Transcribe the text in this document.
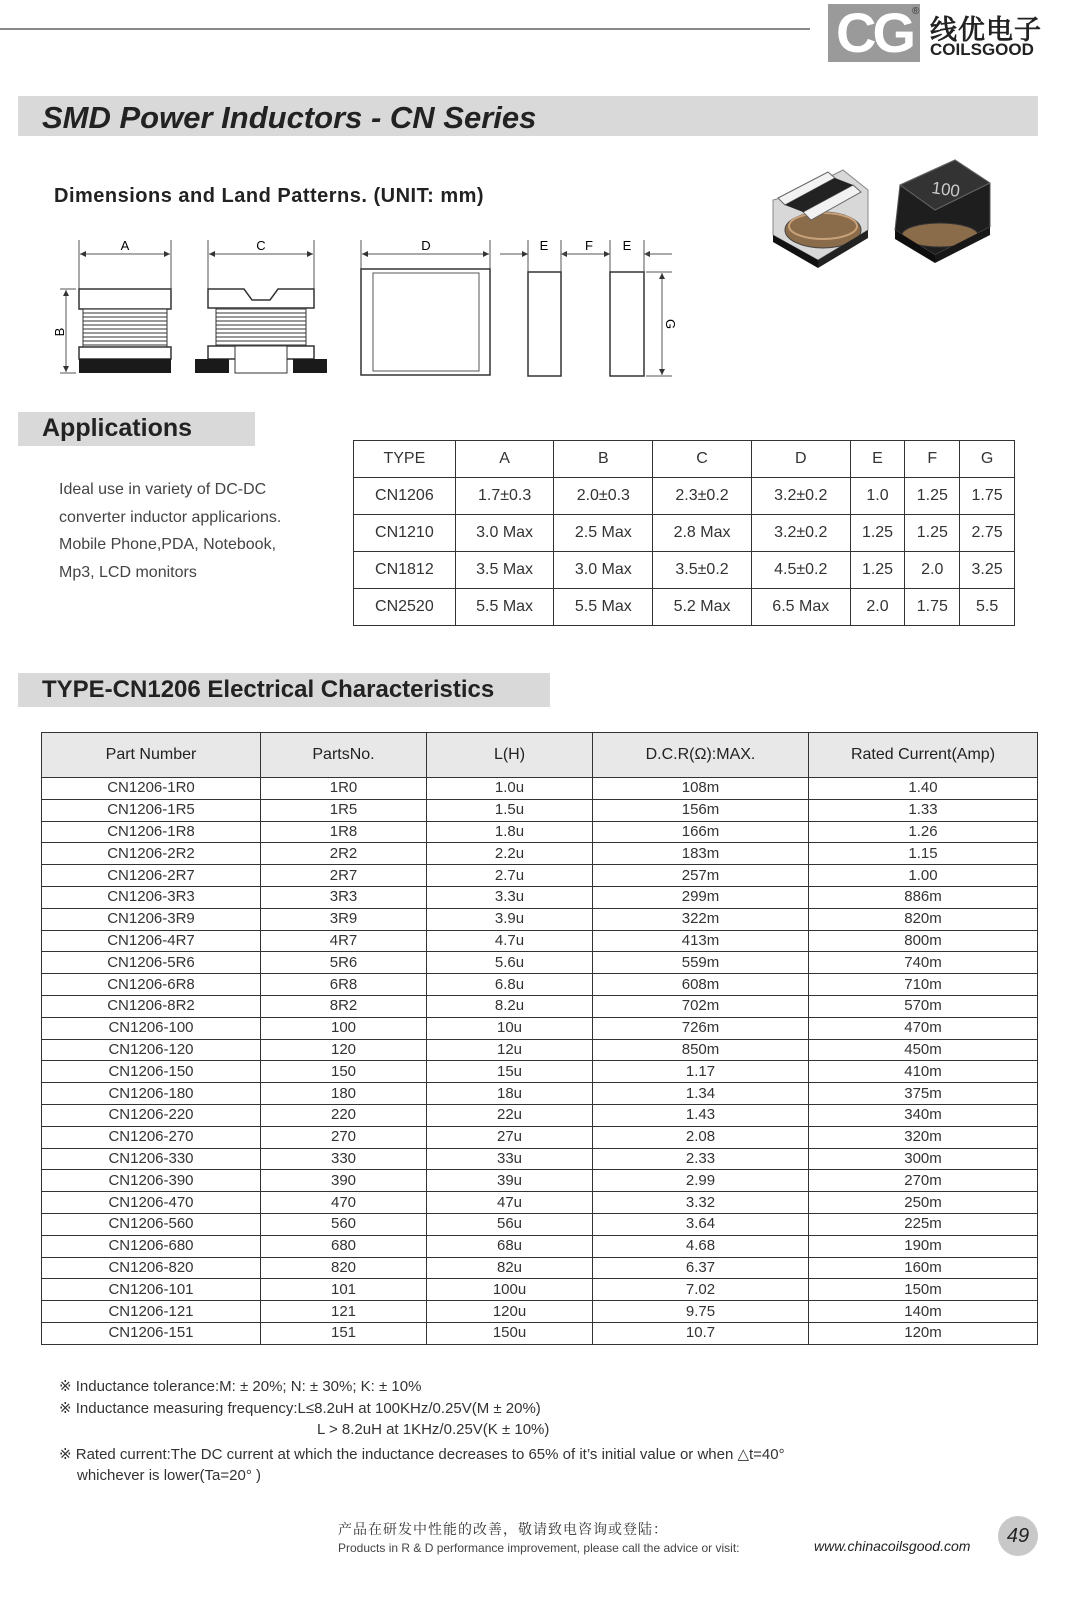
CG ®
线优电子
COILSGOOD
SMD Power Inductors - CN Series
Dimensions and Land Patterns. (UNIT: mm)
A	C	D	E	F E
B
G
100
Applications
Ideal use in variety of DC-DC
converter inductor applicarions.
Mobile Phone,PDA, Notebook,
Mp3, LCD monitors
TYPE	A	B	C	D	E	F	G
CN1206	1.7±0.3	2.0±0.3	2.3±0.2	3.2±0.2	1.0	1.25	1.75
CN1210	3.0 Max	2.5 Max	2.8 Max	3.2±0.2	1.25	1.25	2.75
CN1812	3.5 Max	3.0 Max	3.5±0.2	4.5±0.2	1.25	2.0	3.25
CN2520	5.5 Max	5.5 Max	5.2 Max	6.5 Max	2.0	1.75	5.5
TYPE-CN1206 Electrical Characteristics
Part Number	PartsNo.	L(H)	D.C.R(Ω):MAX.	Rated Current(Amp)
CN1206-1R0	1R0	1.0u	108m	1.40
CN1206-1R5	1R5	1.5u	156m	1.33
CN1206-1R8	1R8	1.8u	166m	1.26
CN1206-2R2	2R2	2.2u	183m	1.15
CN1206-2R7	2R7	2.7u	257m	1.00
CN1206-3R3	3R3	3.3u	299m	886m
CN1206-3R9	3R9	3.9u	322m	820m
CN1206-4R7	4R7	4.7u	413m	800m
CN1206-5R6	5R6	5.6u	559m	740m
CN1206-6R8	6R8	6.8u	608m	710m
CN1206-8R2	8R2	8.2u	702m	570m
CN1206-100	100	10u	726m	470m
CN1206-120	120	12u	850m	450m
CN1206-150	150	15u	1.17	410m
CN1206-180	180	18u	1.34	375m
CN1206-220	220	22u	1.43	340m
CN1206-270	270	27u	2.08	320m
CN1206-330	330	33u	2.33	300m
CN1206-390	390	39u	2.99	270m
CN1206-470	470	47u	3.32	250m
CN1206-560	560	56u	3.64	225m
CN1206-680	680	68u	4.68	190m
CN1206-820	820	82u	6.37	160m
CN1206-101	101	100u	7.02	150m
CN1206-121	121	120u	9.75	140m
CN1206-151	151	150u	10.7	120m
※ Inductance tolerance:M: ± 20%; N: ± 30%; K: ± 10%
※ Inductance measuring frequency:L≤8.2uH at 100KHz/0.25V(M ± 20%)
L > 8.2uH at 1KHz/0.25V(K ± 10%)
※ Rated current:The DC current at which the inductance decreases to 65% of it’s initial value or when △t=40°
whichever is lower(Ta=20° )
产品在研发中性能的改善，敬请致电咨询或登陆：
Products in R & D performance improvement, please call the advice or visit:	www.chinacoilsgood.com	49
